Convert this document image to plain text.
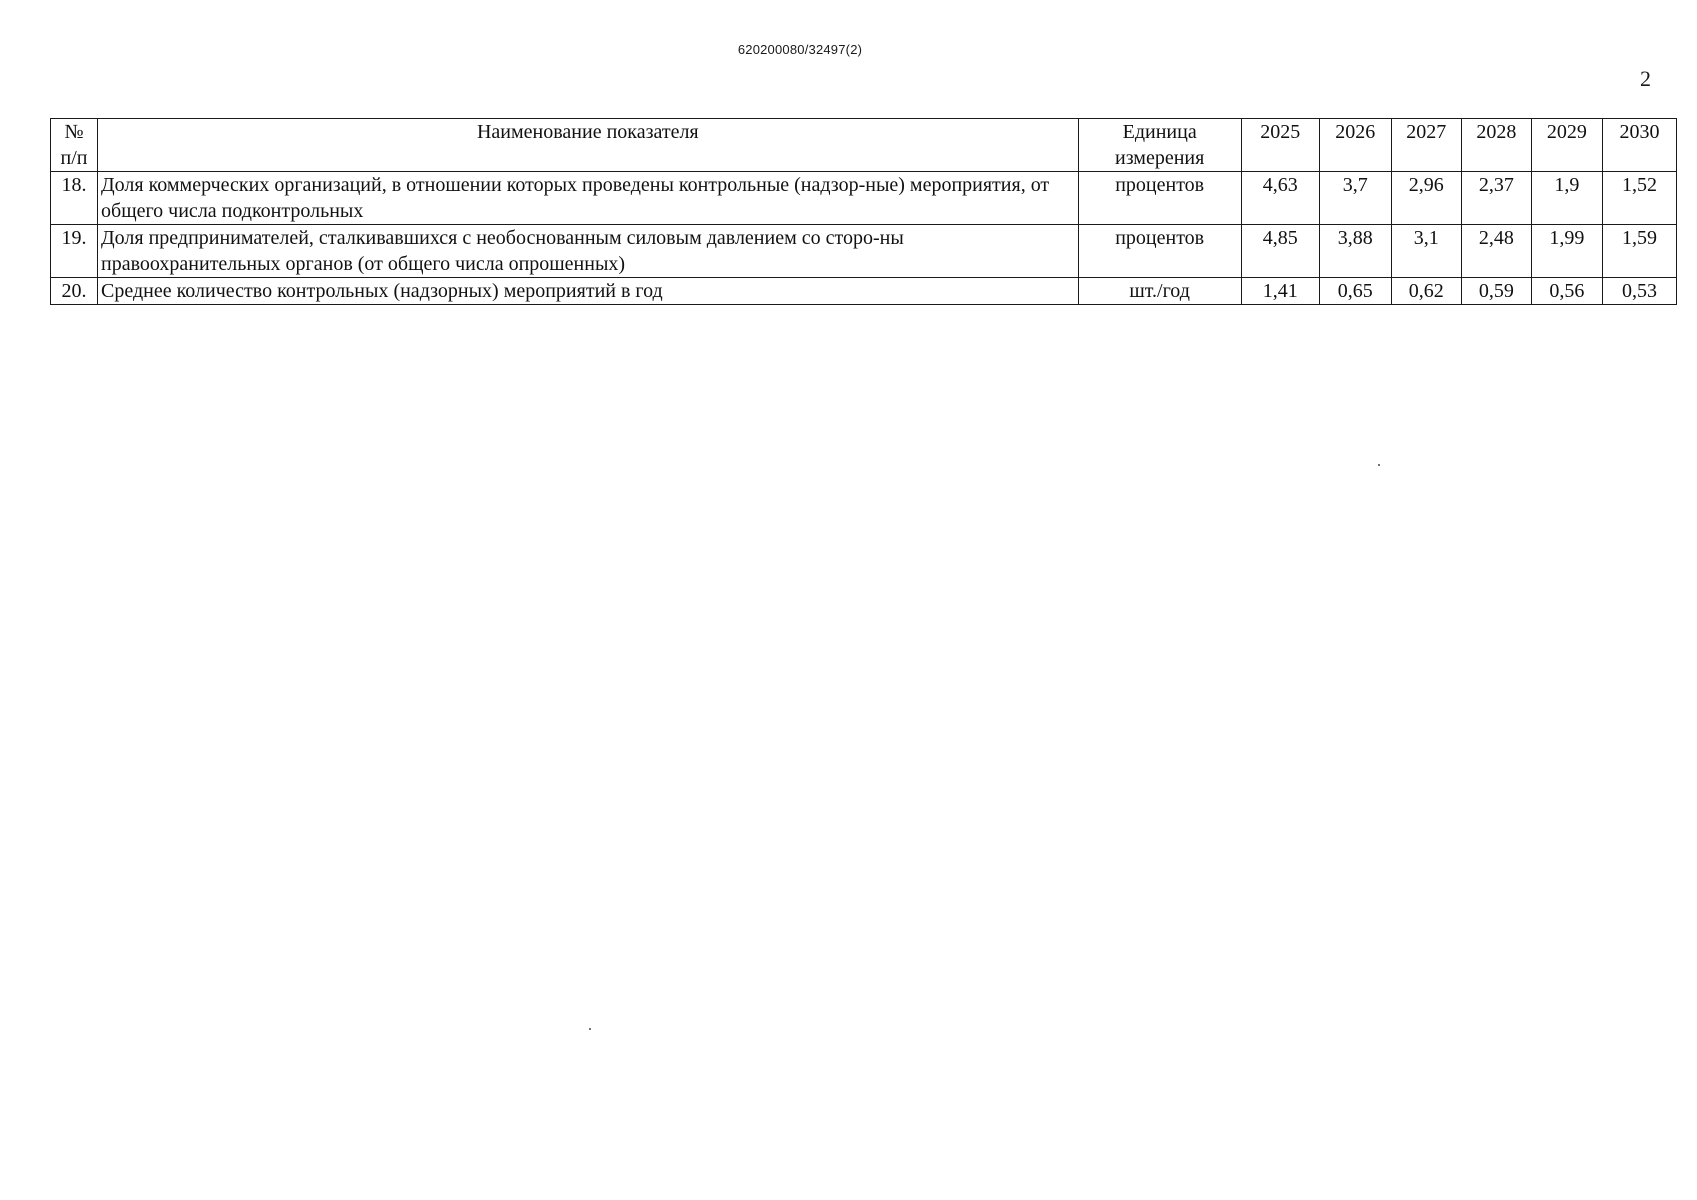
620200080/32497(2)
2
№ п/п	Наименование показателя	Единица измерения	2025	2026	2027	2028	2029	2030
18.	Доля коммерческих организаций, в отношении которых проведены контрольные (надзор-ные) мероприятия, от общего числа подконтрольных	процентов	4,63	3,7	2,96	2,37	1,9	1,52
19.	Доля предпринимателей, сталкивавшихся с необоснованным силовым давлением со сторо-ны правоохранительных органов (от общего числа опрошенных)	процентов	4,85	3,88	3,1	2,48	1,99	1,59
20.	Среднее количество контрольных (надзорных) мероприятий в год	шт./год	1,41	0,65	0,62	0,59	0,56	0,53
